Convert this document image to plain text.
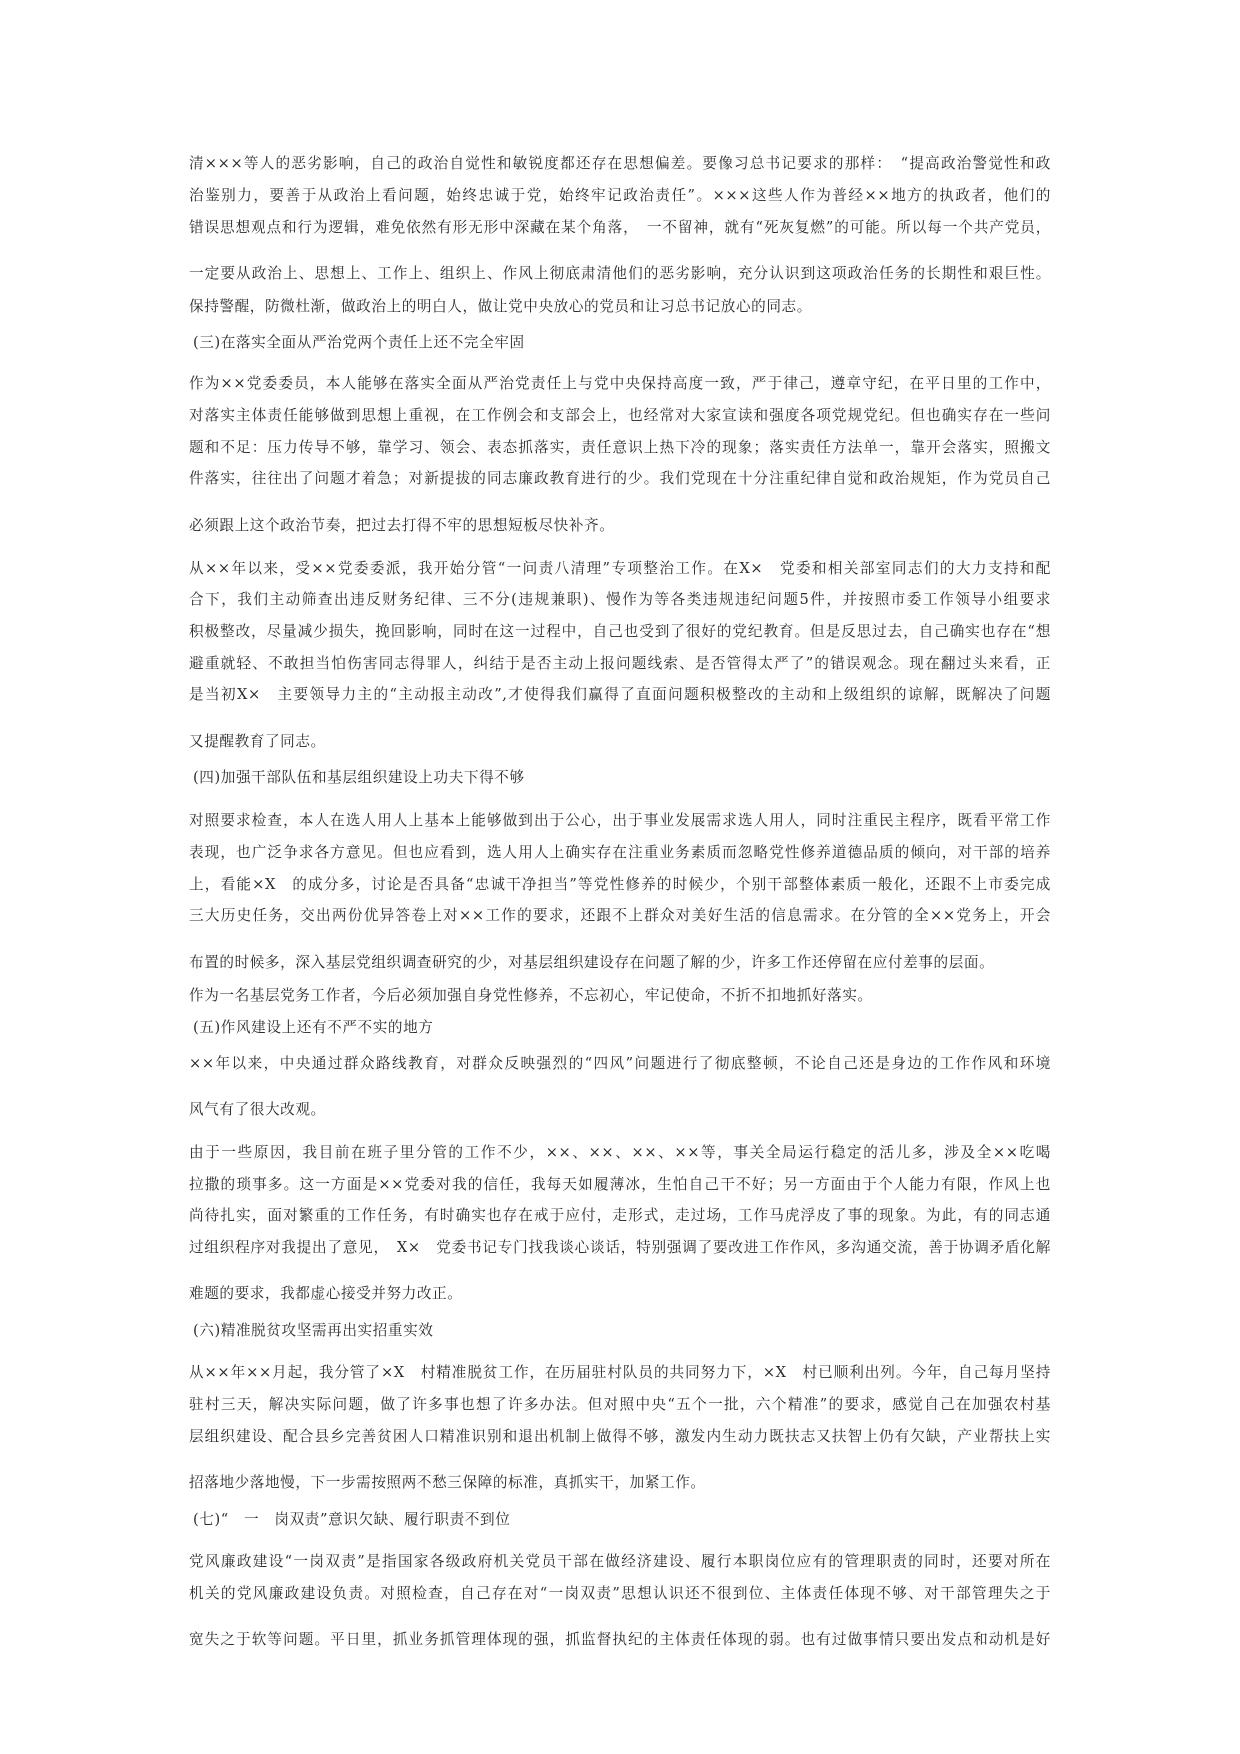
清×××等人的恶劣影响，自己的政治自觉性和敏锐度都还存在思想偏差。要像习总书记要求的那样：　“提高政治警觉性和政
治鉴别力，要善于从政治上看问题，始终忠诚于党，始终牢记政治责任”。×××这些人作为普经××地方的执政者，他们的
错误思想观点和行为逻辑，难免依然有形无形中深藏在某个角落，　一不留神，就有“死灰复燃”的可能。所以每一个共产党员，
一定要从政治上、思想上、工作上、组织上、作风上彻底肃清他们的恶劣影响，充分认识到这项政治任务的长期性和艰巨性。
保持警醒，防微杜渐，做政治上的明白人，做让党中央放心的党员和让习总书记放心的同志。
(三)在落实全面从严治党两个责任上还不完全牢固
作为××党委委员，本人能够在落实全面从严治党责任上与党中央保持高度一致，严于律己，遵章守纪，在平日里的工作中，
对落实主体责任能够做到思想上重视，在工作例会和支部会上，也经常对大家宣读和强度各项党规党纪。但也确实存在一些问
题和不足：压力传导不够，靠学习、领会、表态抓落实，责任意识上热下冷的现象；落实责任方法单一，靠开会落实，照搬文
件落实，往往出了问题才着急；对新提拔的同志廉政教育进行的少。我们党现在十分注重纪律自觉和政治规矩，作为党员自己
必须跟上这个政治节奏，把过去打得不牢的思想短板尽快补齐。
从××年以来，受××党委委派，我开始分管“一问责八清理”专项整治工作。在X×　党委和相关部室同志们的大力支持和配
合下，我们主动筛查出违反财务纪律、三不分(违规兼职)、慢作为等各类违规违纪问题5件，并按照市委工作领导小组要求
积极整改，尽量减少损失，挽回影响，同时在这一过程中，自己也受到了很好的党纪教育。但是反思过去，自己确实也存在“想
避重就轻、不敢担当怕伤害同志得罪人，纠结于是否主动上报问题线索、是否管得太严了”的错误观念。现在翻过头来看，正
是当初X×　主要领导力主的“主动报主动改”,才使得我们赢得了直面问题积极整改的主动和上级组织的谅解，既解决了问题
又提醒教育了同志。
(四)加强干部队伍和基层组织建设上功夫下得不够
对照要求检查，本人在选人用人上基本上能够做到出于公心，出于事业发展需求选人用人，同时注重民主程序，既看平常工作
表现，也广泛争求各方意见。但也应看到，选人用人上确实存在注重业务素质而忽略党性修养道德品质的倾向，对干部的培养
上，看能×X　的成分多，讨论是否具备“忠诚干净担当”等党性修养的时候少，个别干部整体素质一般化，还跟不上市委完成
三大历史任务，交出两份优异答卷上对××工作的要求，还跟不上群众对美好生活的信息需求。在分管的全××党务上，开会
布置的时候多，深入基层党组织调查研究的少，对基层组织建设存在问题了解的少，许多工作还停留在应付差事的层面。
作为一名基层党务工作者，今后必须加强自身党性修养，不忘初心，牢记使命，不折不扣地抓好落实。
(五)作风建设上还有不严不实的地方
××年以来，中央通过群众路线教育，对群众反映强烈的“四风”问题进行了彻底整顿，不论自己还是身边的工作作风和环境
风气有了很大改观。
由于一些原因，我目前在班子里分管的工作不少，××、××、××、××等，事关全局运行稳定的活儿多，涉及全××吃喝
拉撒的琐事多。这一方面是××党委对我的信任，我每天如履薄冰，生怕自己干不好；另一方面由于个人能力有限，作风上也
尚待扎实，面对繁重的工作任务，有时确实也存在戒于应付，走形式，走过场，工作马虎浮皮了事的现象。为此，有的同志通
过组织程序对我提出了意见，　X×　党委书记专门找我谈心谈话，特别强调了要改进工作作风，多沟通交流，善于协调矛盾化解
难题的要求，我都虚心接受并努力改正。
(六)精准脱贫攻坚需再出实招重实效
从××年××月起，我分管了×X　村精准脱贫工作，在历届驻村队员的共同努力下，×X　村已顺利出列。今年，自己每月坚持
驻村三天，解决实际问题，做了许多事也想了许多办法。但对照中央“五个一批，六个精准”的要求，感觉自己在加强农村基
层组织建设、配合县乡完善贫困人口精准识别和退出机制上做得不够，激发内生动力既扶志又扶智上仍有欠缺，产业帮扶上实
招落地少落地慢，下一步需按照两不愁三保障的标准，真抓实干，加紧工作。
(七)“　一　岗双责”意识欠缺、履行职责不到位
党风廉政建设“一岗双责”是指国家各级政府机关党员干部在做经济建设、履行本职岗位应有的管理职责的同时，还要对所在
机关的党风廉政建设负责。对照检查，自己存在对“一岗双责”思想认识还不很到位、主体责任体现不够、对干部管理失之于
宽失之于软等问题。平日里，抓业务抓管理体现的强，抓监督执纪的主体责任体现的弱。也有过做事情只要出发点和动机是好
